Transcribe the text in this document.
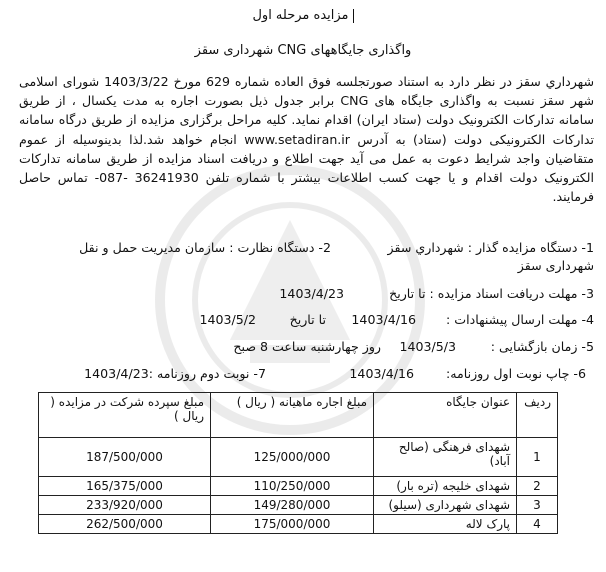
مزایده مرحله اول
واگذاری جایگاههای CNG شهرداری سقز
شهرداري سقز در نظر دارد به استناد صورتجلسه فوق العاده شماره 629 مورخ 1403/3/22 شورای اسلامی شهر سقز نسبت به واگذاری جایگاه های CNG برابر جدول ذیل بصورت اجاره به مدت یکسال ، از طریق سامانه تدارکات الکترونیک دولت (ستاد ایران) اقدام نماید. کلیه مراحل برگزاری مزایده از طریق درگاه سامانه تدارکات الکترونیکی دولت (ستاد) به آدرس www.setadiran.ir انجام خواهد شد.لذا بدینوسیله از عموم متقاضیان واجد شرایط دعوت به عمل می آید جهت اطلاع و دریافت اسناد مزایده از طریق سامانه تدارکات الکترونیک دولت اقدام و یا جهت کسب اطلاعات بیشتر با شماره تلفن 36241930 -087- تماس حاصل فرمایند.
1- دستگاه مزایده گذار : شهرداري سقز
2- دستگاه نظارت : سازمان مدیریت حمل و نقل
شهرداری سقز
3- مهلت دریافت اسناد مزایده : تا تاریخ
1403/4/23
4- مهلت ارسال پیشنهادات :
1403/4/16
تا تاریخ
1403/5/2
5- زمان بازگشایی :
1403/5/3
روز چهارشنبه ساعت 8 صبح
6- چاپ نوبت اول روزنامه:
1403/4/16
7- نوبت دوم روزنامه :1403/4/23
ردیف	عنوان جایگاه	مبلغ اجاره ماهیانه ( ریال )	مبلغ سپرده شرکت در مزایده ( ریال )
1	شهدای فرهنگی (صالح آباد)	125/000/000	187/500/000
2	شهدای خلیجه (تره بار)	110/250/000	165/375/000
3	شهدای شهرداری (سیلو)	149/280/000	233/920/000
4	پارک لاله	175/000/000	262/500/000
